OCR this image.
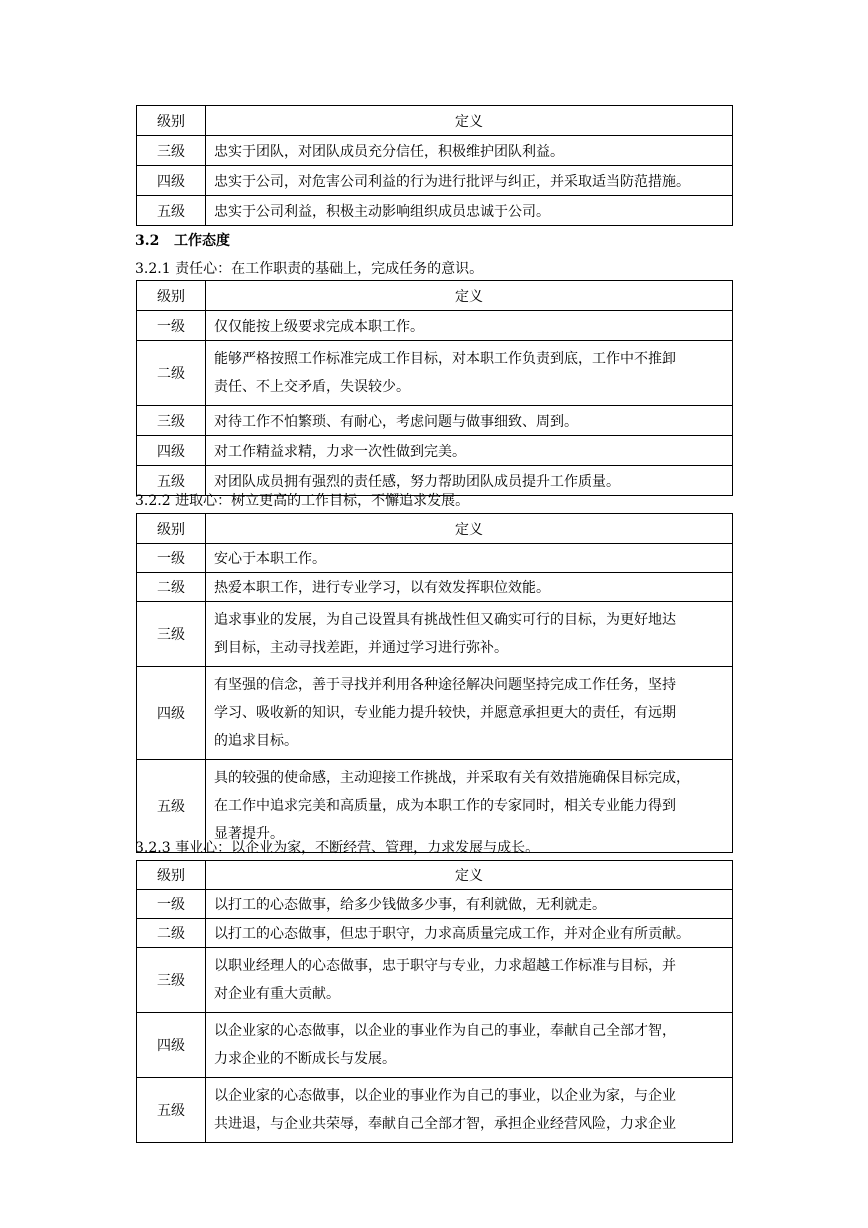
级别	定义
三级	忠实于团队，对团队成员充分信任，积极维护团队利益。
四级	忠实于公司，对危害公司利益的行为进行批评与纠正，并采取适当防范措施。
五级	忠实于公司利益，积极主动影响组织成员忠诚于公司。
3.2 工作态度
3.2.1 责任心：在工作职责的基础上，完成任务的意识。
级别	定义
一级	仅仅能按上级要求完成本职工作。
二级	能够严格按照工作标准完成工作目标，对本职工作负责到底，工作中不推卸
责任、不上交矛盾，失误较少。

三级	对待工作不怕繁琐、有耐心，考虑问题与做事细致、周到。
四级	对工作精益求精，力求一次性做到完美。
五级	对团队成员拥有强烈的责任感，努力帮助团队成员提升工作质量。
3.2.2 进取心：树立更高的工作目标，不懈追求发展。
级别	定义
一级	安心于本职工作。
二级	热爱本职工作，进行专业学习，以有效发挥职位效能。
三级	追求事业的发展，为自己设置具有挑战性但又确实可行的目标，为更好地达
到目标，主动寻找差距，并通过学习进行弥补。

四级	有坚强的信念，善于寻找并利用各种途径解决问题坚持完成工作任务，坚持
学习、吸收新的知识，专业能力提升较快，并愿意承担更大的责任，有远期
的追求目标。

五级	具的较强的使命感，主动迎接工作挑战，并采取有关有效措施确保目标完成，
在工作中追求完美和高质量，成为本职工作的专家同时，相关专业能力得到
显著提升。
3.2.3 事业心：以企业为家，不断经营、管理，力求发展与成长。
级别	定义
一级	以打工的心态做事，给多少钱做多少事，有利就做，无利就走。
二级	以打工的心态做事，但忠于职守，力求高质量完成工作，并对企业有所贡献。
三级	以职业经理人的心态做事，忠于职守与专业，力求超越工作标准与目标，并
对企业有重大贡献。

四级	以企业家的心态做事，以企业的事业作为自己的事业，奉献自己全部才智，
力求企业的不断成长与发展。

五级	以企业家的心态做事，以企业的事业作为自己的事业，以企业为家，与企业
共进退，与企业共荣辱，奉献自己全部才智，承担企业经营风险，力求企业
